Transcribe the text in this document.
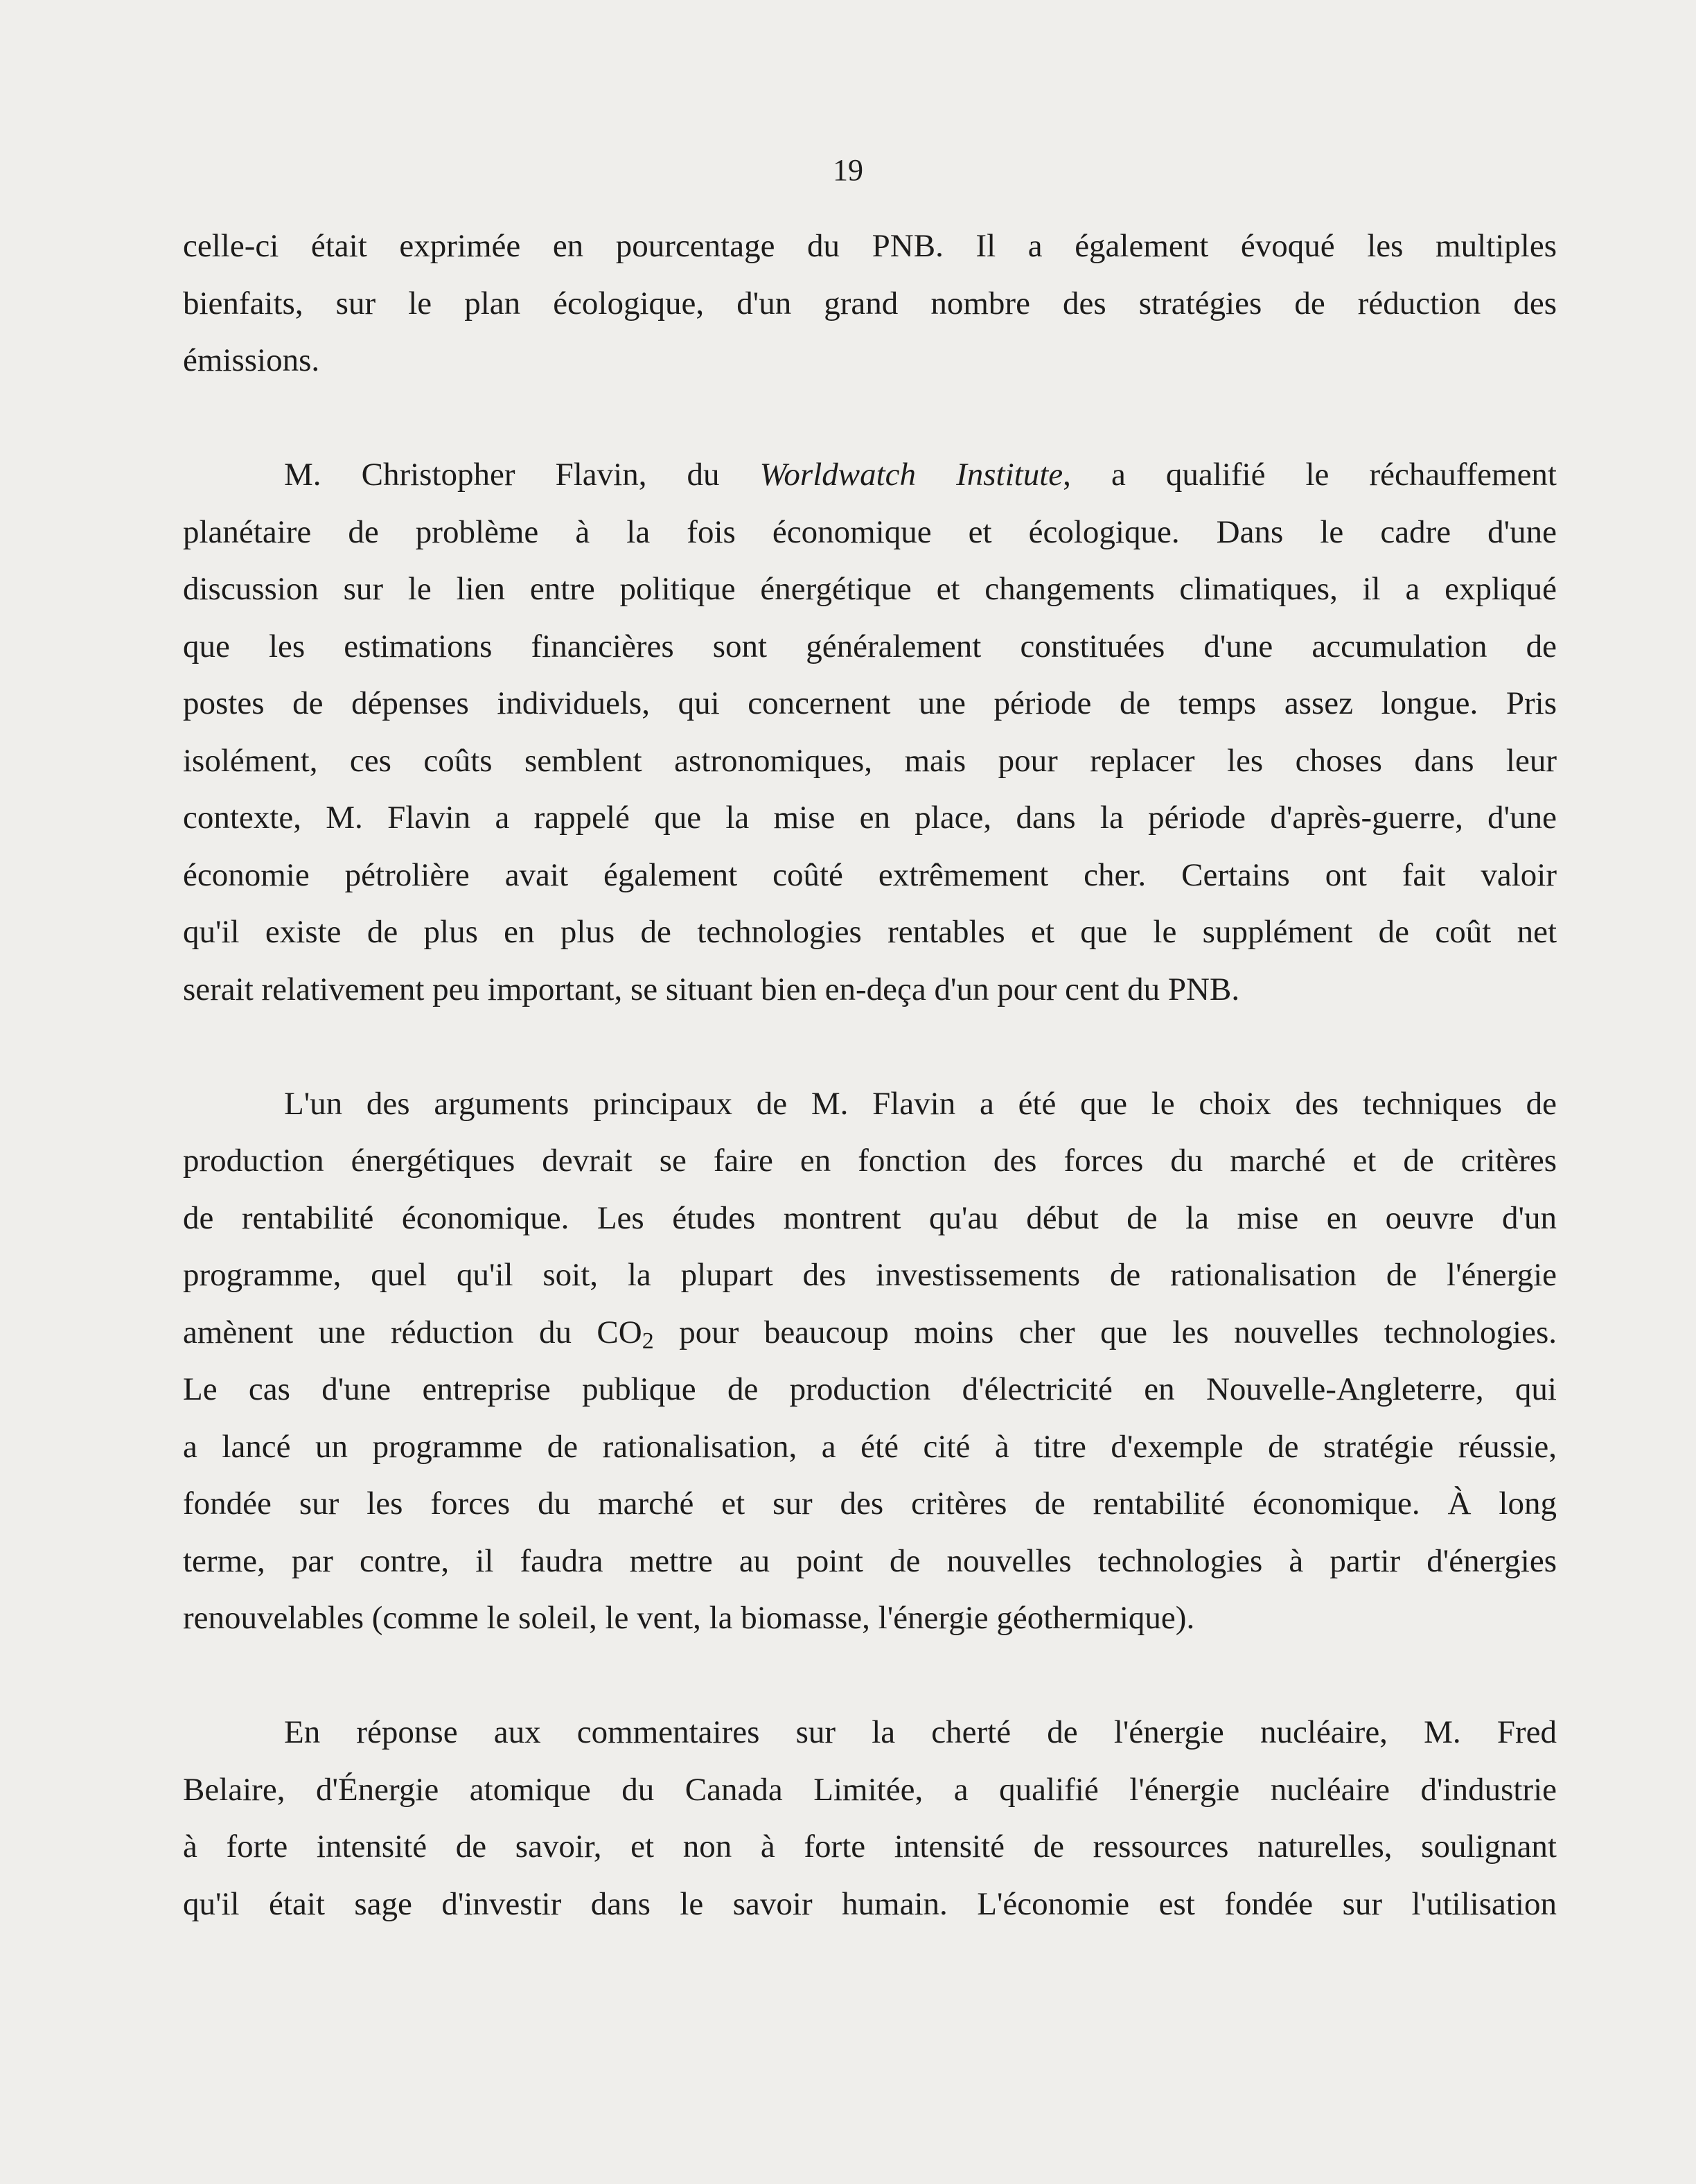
19
celle-ci était exprimée en pourcentage du PNB. Il a également évoqué les multiples
bienfaits, sur le plan écologique, d'un grand nombre des stratégies de réduction des
émissions.
M. Christopher Flavin, du Worldwatch Institute, a qualifié le réchauffement
planétaire de problème à la fois économique et écologique. Dans le cadre d'une
discussion sur le lien entre politique énergétique et changements climatiques, il a expliqué
que les estimations financières sont généralement constituées d'une accumulation de
postes de dépenses individuels, qui concernent une période de temps assez longue. Pris
isolément, ces coûts semblent astronomiques, mais pour replacer les choses dans leur
contexte, M. Flavin a rappelé que la mise en place, dans la période d'après-guerre, d'une
économie pétrolière avait également coûté extrêmement cher. Certains ont fait valoir
qu'il existe de plus en plus de technologies rentables et que le supplément de coût net
serait relativement peu important, se situant bien en-deça d'un pour cent du PNB.
L'un des arguments principaux de M. Flavin a été que le choix des techniques de
production énergétiques devrait se faire en fonction des forces du marché et de critères
de rentabilité économique. Les études montrent qu'au début de la mise en oeuvre d'un
programme, quel qu'il soit, la plupart des investissements de rationalisation de l'énergie
amènent une réduction du $CO_2$ pour beaucoup moins cher que les nouvelles technologies.
Le cas d'une entreprise publique de production d'électricité en Nouvelle-Angleterre, qui
a lancé un programme de rationalisation, a été cité à titre d'exemple de stratégie réussie,
fondée sur les forces du marché et sur des critères de rentabilité économique. À long
terme, par contre, il faudra mettre au point de nouvelles technologies à partir d'énergies
renouvelables (comme le soleil, le vent, la biomasse, l'énergie géothermique).
En réponse aux commentaires sur la cherté de l'énergie nucléaire, M. Fred
Belaire, d'Énergie atomique du Canada Limitée, a qualifié l'énergie nucléaire d'industrie
à forte intensité de savoir, et non à forte intensité de ressources naturelles, soulignant
qu'il était sage d'investir dans le savoir humain. L'économie est fondée sur l'utilisation
